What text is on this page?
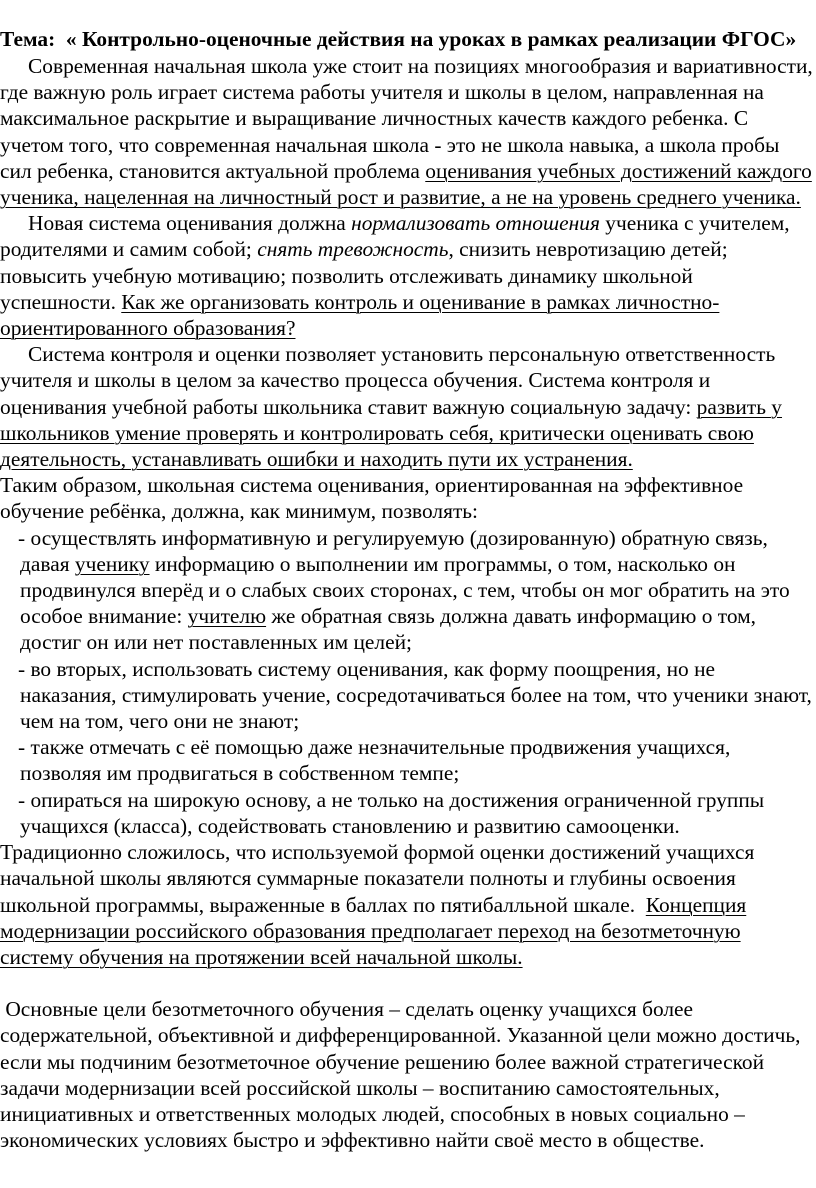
Тема:  « Контрольно-оценочные действия на уроках в рамках реализации ФГОС»

Современная начальная школа уже стоит на позициях многообразия и вариативности, где важную роль играет система работы учителя и школы в целом, направленная на максимальное раскрытие и выращивание личностных качеств каждого ребенка. С учетом того, что современная начальная школа - это не школа навыка, а школа пробы сил ребенка, становится актуальной проблема оценивания учебных достижений каждого ученика, нацеленная на личностный рост и развитие, а не на уровень среднего ученика.

Новая система оценивания должна нормализовать отношения ученика с учителем, родителями и самим собой; снять тревожность, снизить невротизацию детей; повысить учебную мотивацию; позволить отслеживать динамику школьной успешности. Как же организовать контроль и оценивание в рамках личностно-ориентированного образования?

Система контроля и оценки позволяет установить персональную ответственность учителя и школы в целом за качество процесса обучения. Система контроля и оценивания учебной работы школьника ставит важную социальную задачу: развить у школьников умение проверять и контролировать себя, критически оценивать свою деятельность, устанавливать ошибки и находить пути их устранения.

Таким образом, школьная система оценивания, ориентированная на эффективное обучение ребёнка, должна, как минимум, позволять:

- осуществлять информативную и регулируемую (дозированную) обратную связь, давая ученику информацию о выполнении им программы, о том, насколько он продвинулся вперёд и о слабых своих сторонах, с тем, чтобы он мог обратить на это особое внимание: учителю же обратная связь должна давать информацию о том, достиг он или нет поставленных им целей;

- во вторых, использовать систему оценивания, как форму поощрения, но не наказания, стимулировать учение, сосредотачиваться более на том, что ученики знают, чем на том, чего они не знают;

- также отмечать с её помощью даже незначительные продвижения учащихся, позволяя им продвигаться в собственном темпе;

- опираться на широкую основу, а не только на достижения ограниченной группы учащихся (класса), содействовать становлению и развитию самооценки.

Традиционно сложилось, что используемой формой оценки достижений учащихся начальной школы являются суммарные показатели полноты и глубины освоения школьной программы, выраженные в баллах по пятибалльной шкале.  Концепция модернизации российского образования предполагает переход на безотметочную систему обучения на протяжении всей начальной школы.

Основные цели безотметочного обучения – сделать оценку учащихся более содержательной, объективной и дифференцированной. Указанной цели можно достичь, если мы подчиним безотметочное обучение решению более важной стратегической задачи модернизации всей российской школы – воспитанию самостоятельных, инициативных и ответственных молодых людей, способных в новых социально – экономических условиях быстро и эффективно найти своё место в обществе.
